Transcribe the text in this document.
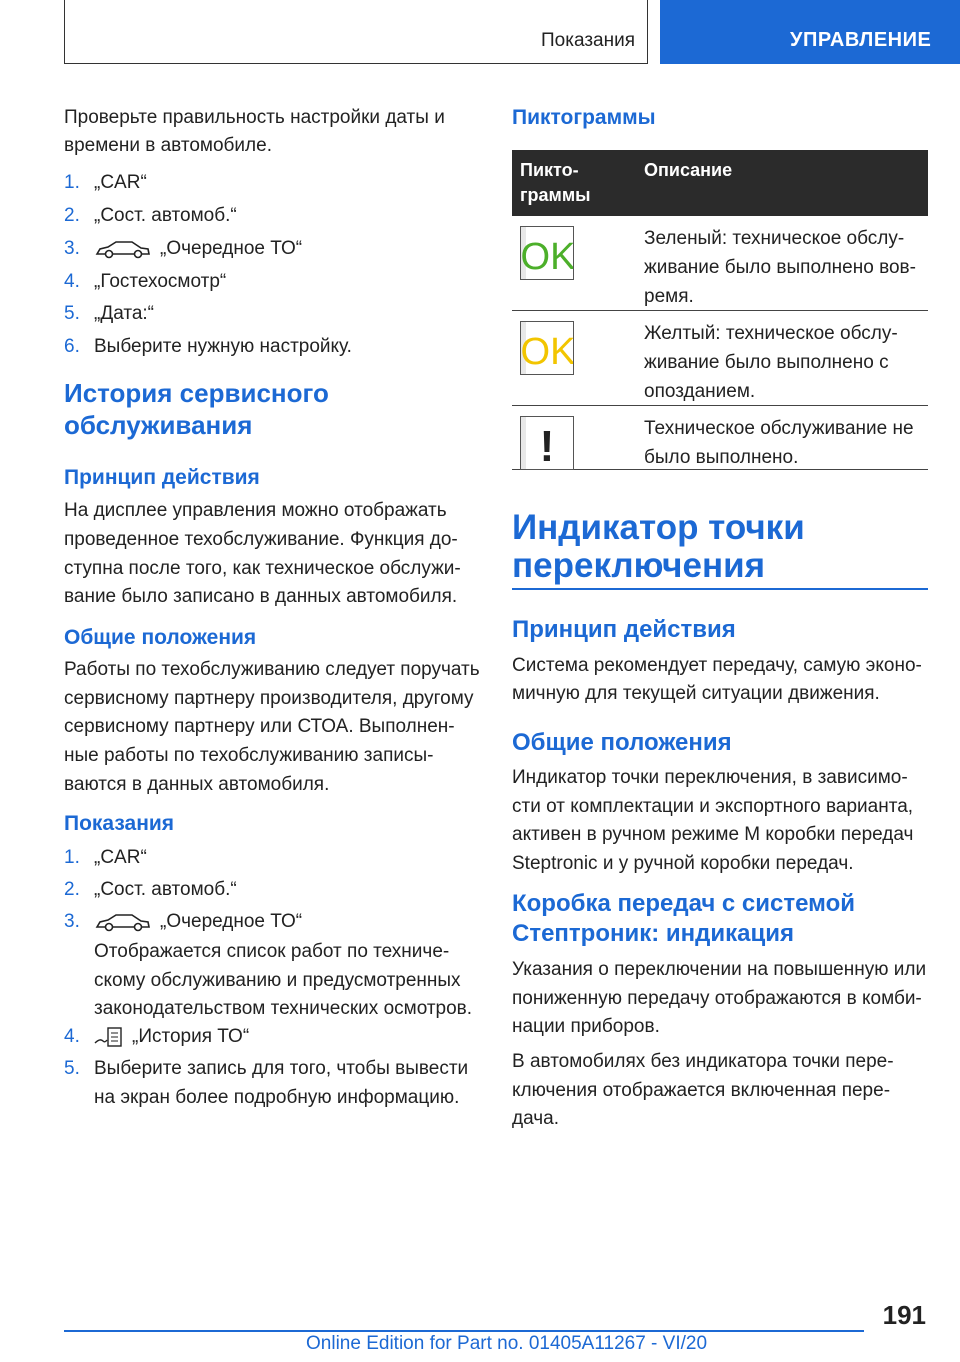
Показания	УПРАВЛЕНИЕ

Проверьте правильность настройки даты и

времени в автомобиле.

1. „CAR“
2. „Сост. автомоб.“
3.	„Очередное ТО“
4. „Гостехосмотр“
5. „Дата:“
6. Выберите нужную настройку.
История сервисного
обслуживания
Принцип действия

На дисплее управления можно отображать

проведенное техобслуживание. Функция до-

ступна после того, как техническое обслужи-

вание было записано в данных автомобиля.

Общие положения

Работы по техобслуживанию следует поручать

сервисному партнеру производителя, другому

сервисному партнеру или СТОА. Выполнен-

ные работы по техобслуживанию записы-

ваются в данных автомобиля.

Показания
1. „CAR“
2. „Сост. автомоб.“
3.	„Очередное ТО“

Отображается список работ по техниче-

скому обслуживанию и предусмотренных

законодательством технических осмотров.

4.	„История ТО“
5. Выберите запись для того, чтобы вывести

на экран более подробную информацию.

Пиктограммы
Пикто-
граммы
Описание
OK	Зеленый: техническое обслу-
живание было выполнено вов-
ремя.
OK	Желтый: техническое обслу-
живание было выполнено с
опозданием.
!	Техническое обслуживание не
было выполнено.
Индикатор точки
переключения
Принцип действия

Система рекомендует передачу, самую эконо-

мичную для текущей ситуации движения.

Общие положения

Индикатор точки переключения, в зависимо-

сти от комплектации и экспортного варианта,

активен в ручном режиме М коробки передач

Steptronic и у ручной коробки передач.

Коробка передач с системой
Стептроник: индикация

Указания о переключении на повышенную или

пониженную передачу отображаются в комби-

нации приборов.

В автомобилях без индикатора точки пере-

ключения отображается включенная пере-

дача.

191
Online Edition for Part no. 01405A11267 - VI/20
